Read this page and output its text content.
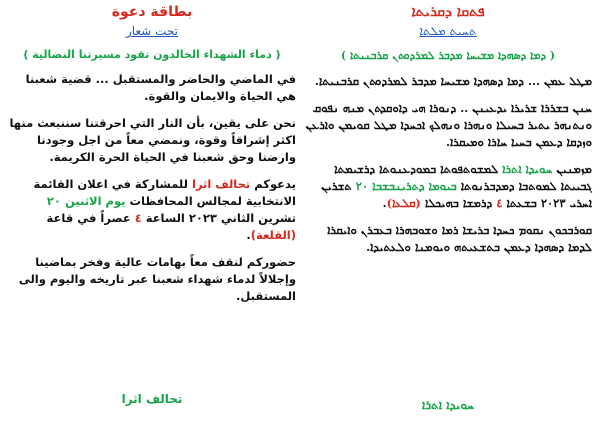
ܦܬܩܐ ܕܩܪܝܬܐ
ܬܚܝܬ ܡܠܬܐ
( ܕܡܐ ܕܣܗܕܐ ܡܫܝܚܐ ܡܕܒܪ ܠܡܪܕܘܬܢ ܩܪܒܢܝܬܐ )
ܡܛܠ ܥܡܢ ... ܕܡܐ ܕܣܗܕܐ ܡܫܝܚܐ ܡܕܒܪ ܠܡܪܕܘܬܢ ܩܪܒܢܝܬܐ.
ܚܢܢ ܒܫܪܪܐ ܫܪܝܪܐ ܝܕܥܝܢܢ .. ܕܢܘܪܐ ܗܝ ܕܐܘܩܕܬܢ ܡܢܗ ܢܦܘܩ ܘܢܬܢܗܪ ܝܬܝܪ ܒܚܝܠܐ ܘܢܗܪܐ ܘܢܗܠܟ ܐܟܚܕܐ ܡܛܠ ܩܘܝܡܢ ܘܐܪܥܢ ܘܙܕܩܐ ܕܥܡܢ ܒܚܝܐ ܚܐܪܐ ܘܡܝܩܪܐ.
ܡܙܡܢܝܢ ܚܘܝܕܐ ܐܬܪܐ ܠܡܫܘܬܦܘܬܐ ܒܡܘܕܥܢܘܬܐ ܕܪܫܝܡܬܐ ܓܒܝܝܬܐ ܠܡܘܬܒܐ ܕܡܕܒܪܢܘܬܐ ܒܝܘܡܐ ܕܬܪܝܢܒܫܒܐ ٢٠ ܬܫܪܝܢ ܐܚܪܝ ٢٠٢٣ ܒܫܥܬܐ ٤ ܕܪܡܫܐ ܒܗܝܟܠܐ (ܩܠܥܐ).
ܩܘܪܒܟܘܢ ܢܩܘܡ ܟܚܕܐ ܒܪܝܫܐ ܪܡܐ ܘܫܘܒܗܪܐ ܒܥܒܪܢ ܘܐܝܩܪܐ ܠܕܡܐ ܕܣܗܕܐ ܕܥܡܢ ܒܬܫܥܝܬܗ ܘܝܘܡܢܐ ܘܠܥܬܝܕܐ.
ܚܘܝܕܐ ܐܬܪܐ
بطاقة دعوة
تحت شعار
( دماء الشهداء الخالدون تقود مسيرتنا النضالية )
في الماضي والحاضر والمستقبل ... قضية شعبنا هي الحياة والايمان والقوة.
نحن على يقين، بأن النار التي احرقتنا سننبعث منها اكثر إشراقاً وقوة، ونمضي معاً من اجل وجودنا وارضنا وحق شعبنا في الحياة الحرة الكريمة.
يدعوكم تحالف اثرا للمشاركة في اعلان القائمة الانتخابية لمجالس المحافظات يوم الاثنين ٢٠ تشرين الثاني ٢٠٢٣ الساعة ٤ عصراً في قاعة (القلعة).
حضوركم لنقف معاً بهامات عالية وفخر بماضينا وإجلالاً لدماء شهداء شعبنا عبر تاريخه واليوم والى المستقبل.
تحالف اثرا
